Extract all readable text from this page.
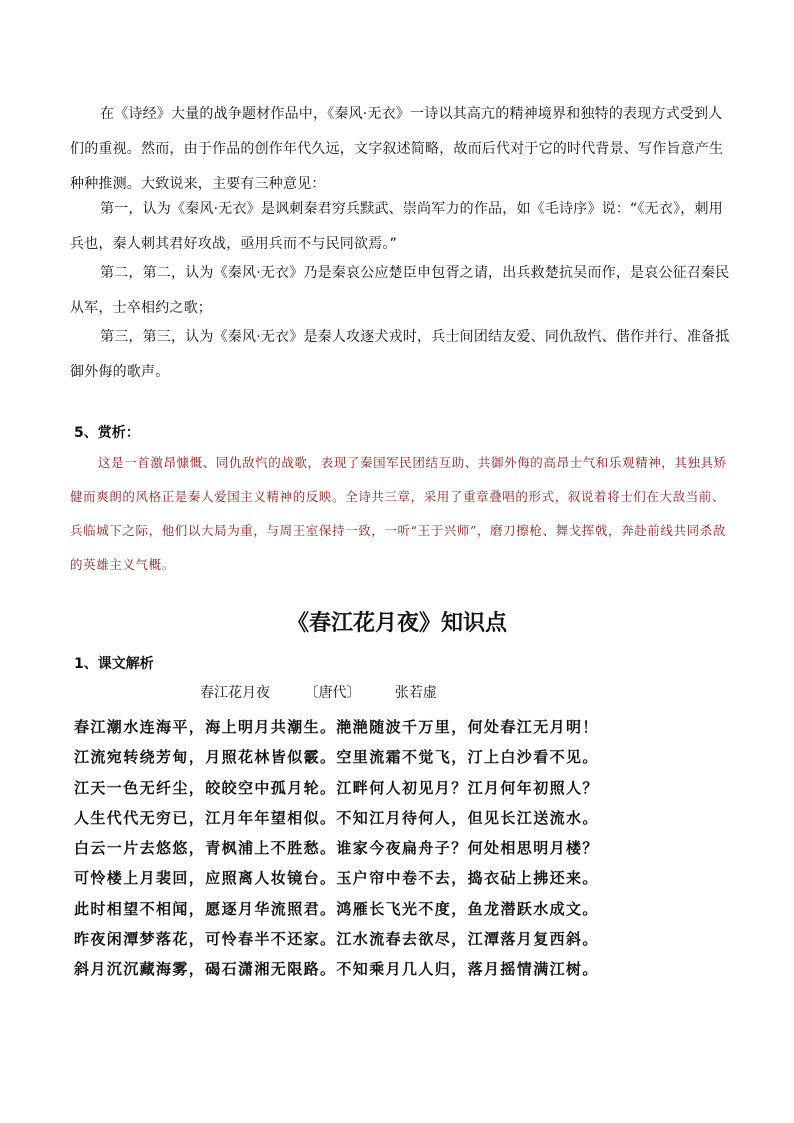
在《诗经》大量的战争题材作品中，《秦风·无衣》一诗以其高亢的精神境界和独特的表现方式受到人们的重视。然而，由于作品的创作年代久远，文字叙述简略，故而后代对于它的时代背景、写作旨意产生种种推测。大致说来，主要有三种意见：

第一，认为《秦风·无衣》是讽刺秦君穷兵黩武、崇尚军力的作品，如《毛诗序》说：“《无衣》，刺用兵也，秦人刺其君好攻战，亟用兵而不与民同欲焉。”

第二，第二，认为《秦风·无衣》乃是秦哀公应楚臣申包胥之请，出兵救楚抗吴而作，是哀公征召秦民从军，士卒相约之歌；

第三，第三，认为《秦风·无衣》是秦人攻逐犬戎时，兵士间团结友爱、同仇敌忾、偕作并行、准备抵御外侮的歌声。

5、赏析：

这是一首激昂慷慨、同仇敌忾的战歌，表现了秦国军民团结互助、共御外侮的高昂士气和乐观精神，其独具矫健而爽朗的风格正是秦人爱国主义精神的反映。全诗共三章，采用了重章叠唱的形式，叙说着将士们在大敌当前、兵临城下之际，他们以大局为重，与周王室保持一致，一听“王于兴师”，磨刀擦枪、舞戈挥戟，奔赴前线共同杀敌的英雄主义气概。

《春江花月夜》知识点

1、课文解析

春江花月夜 〔唐代〕 张若虚

春江潮水连海平，海上明月共潮生。滟滟随波千万里，何处春江无月明！
江流宛转绕芳甸，月照花林皆似霰。空里流霜不觉飞，汀上白沙看不见。
江天一色无纤尘，皎皎空中孤月轮。江畔何人初见月？江月何年初照人？
人生代代无穷已，江月年年望相似。不知江月待何人，但见长江送流水。
白云一片去悠悠，青枫浦上不胜愁。谁家今夜扁舟子？何处相思明月楼？
可怜楼上月裴回，应照离人妆镜台。玉户帘中卷不去，捣衣砧上拂还来。
此时相望不相闻，愿逐月华流照君。鸿雁长飞光不度，鱼龙潜跃水成文。
昨夜闲潭梦落花，可怜春半不还家。江水流春去欲尽，江潭落月复西斜。
斜月沉沉藏海雾，碣石潇湘无限路。不知乘月几人归，落月摇情满江树。
